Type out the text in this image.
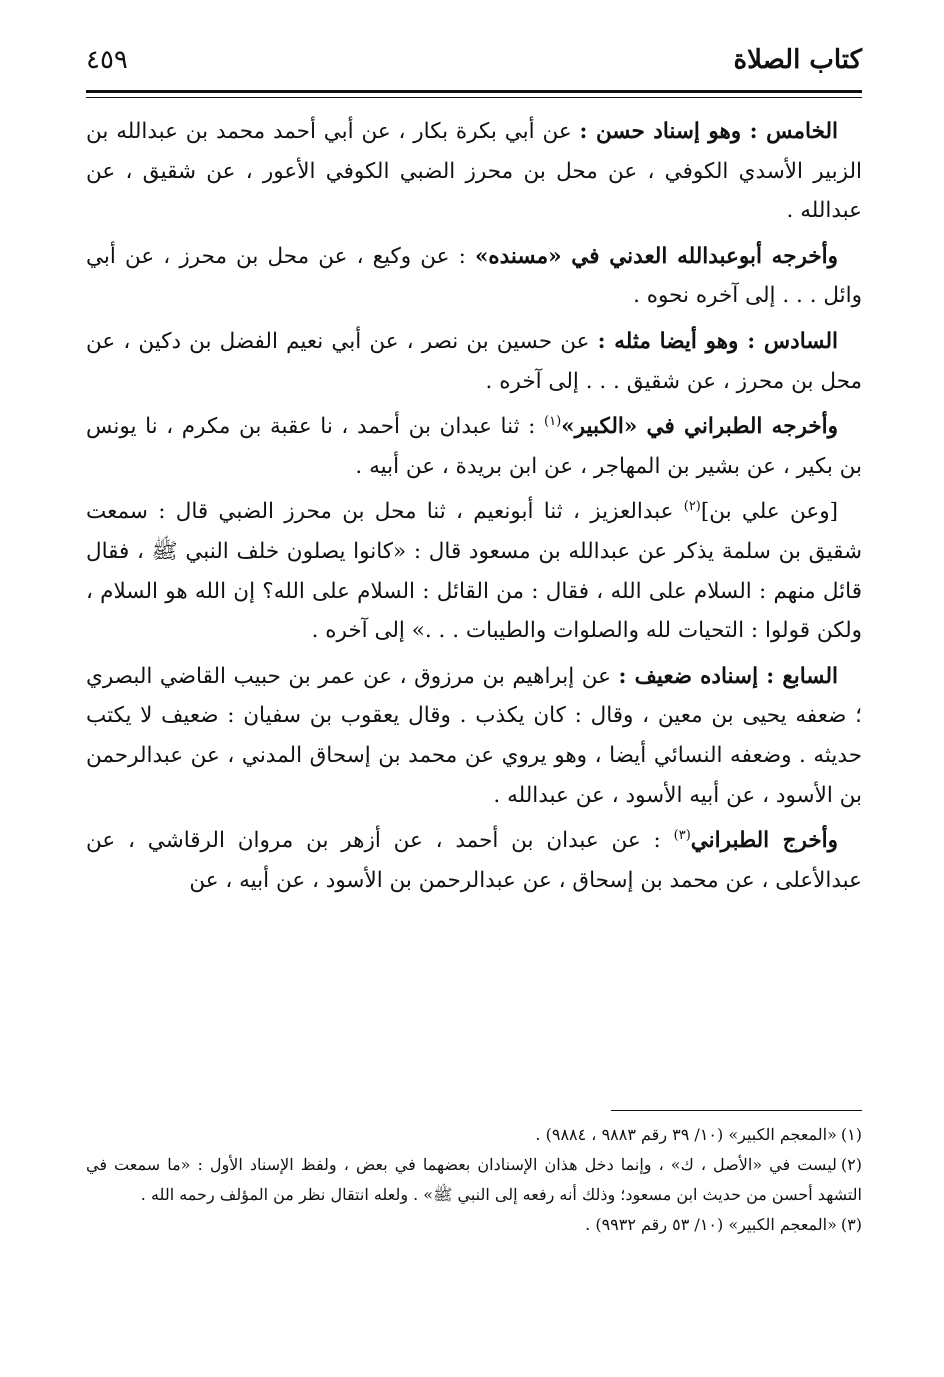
كتاب الصلاة
٤٥٩

الخامس : وهو إسناد حسن : عن أبي بكرة بكار ، عن أبي أحمد محمد بن عبدالله بن الزبير الأسدي الكوفي ، عن محل بن محرز الضبي الكوفي الأعور ، عن شقيق ، عن عبدالله .

وأخرجه أبوعبدالله العدني في «مسنده» : عن وكيع ، عن محل بن محرز ، عن أبي وائل . . . إلى آخره نحوه .

السادس : وهو أيضا مثله : عن حسين بن نصر ، عن أبي نعيم الفضل بن دكين ، عن محل بن محرز ، عن شقيق . . . إلى آخره .

وأخرجه الطبراني في «الكبير»$^{(١)}$ : ثنا عبدان بن أحمد ، نا عقبة بن مكرم ، نا يونس بن بكير ، عن بشير بن المهاجر ، عن ابن بريدة ، عن أبيه .

[وعن علي بن]$^{(٢)}$ عبدالعزيز ، ثنا أبونعيم ، ثنا محل بن محرز الضبي قال : سمعت شقيق بن سلمة يذكر عن عبدالله بن مسعود قال : «كانوا يصلون خلف النبي ﷺ ، فقال قائل منهم : السلام على الله ، فقال : من القائل : السلام على الله؟ إن الله هو السلام ، ولكن قولوا : التحيات لله والصلوات والطيبات . . .» إلى آخره .

السابع : إسناده ضعيف : عن إبراهيم بن مرزوق ، عن عمر بن حبيب القاضي البصري ؛ ضعفه يحيى بن معين ، وقال : كان يكذب . وقال يعقوب بن سفيان : ضعيف لا يكتب حديثه . وضعفه النسائي أيضا ، وهو يروي عن محمد بن إسحاق المدني ، عن عبدالرحمن بن الأسود ، عن أبيه الأسود ، عن عبدالله .

وأخرج الطبراني$^{(٣)}$ : عن عبدان بن أحمد ، عن أزهر بن مروان الرقاشي ، عن عبدالأعلى ، عن محمد بن إسحاق ، عن عبدالرحمن بن الأسود ، عن أبيه ، عن

(١)«المعجم الكبير» (١٠/ ٣٩ رقم ٩٨٨٣ ، ٩٨٨٤) .

(٢)ليست في «الأصل ، ك» ، وإنما دخل هذان الإسنادان بعضهما في بعض ، ولفظ الإسناد الأول : «ما سمعت في التشهد أحسن من حديث ابن مسعود؛ وذلك أنه رفعه إلى النبي ﷺ» . ولعله انتقال نظر من المؤلف رحمه الله .

(٣)«المعجم الكبير» (١٠/ ٥٣ رقم ٩٩٣٢) .
